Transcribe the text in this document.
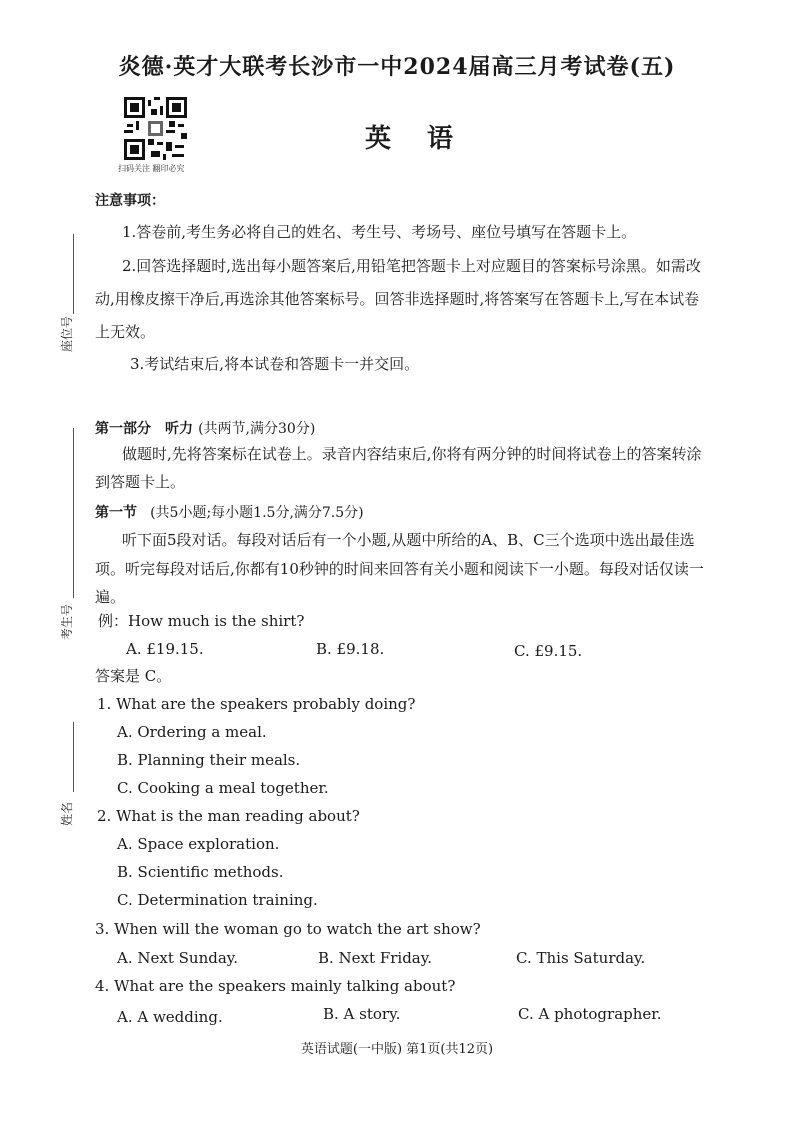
炎德·英才大联考长沙市一中2024届高三月考试卷(五)
扫码关注 翻印必究
英语
座位号
考生号
姓名
注意事项：
1.答卷前,考生务必将自己的姓名、考生号、考场号、座位号填写在答题卡上。
2.回答选择题时,选出每小题答案后,用铅笔把答题卡上对应题目的答案标号涂黑。如需改
动,用橡皮擦干净后,再选涂其他答案标号。回答非选择题时,将答案写在答题卡上,写在本试卷
上无效。
3.考试结束后,将本试卷和答题卡一并交回。
第一部分　听力 (共两节,满分30分)
做题时,先将答案标在试卷上。录音内容结束后,你将有两分钟的时间将试卷上的答案转涂
到答题卡上。
第一节 (共5小题;每小题1.5分,满分7.5分)
听下面5段对话。每段对话后有一个小题,从题中所给的A、B、C三个选项中选出最佳选
项。听完每段对话后,你都有10秒钟的时间来回答有关小题和阅读下一小题。每段对话仅读一
遍。
例：How much is the shirt?
A. £19.15.	B. £9.18.	C. £9.15.
答案是 C。
1. What are the speakers probably doing?
A. Ordering a meal.
B. Planning their meals.
C. Cooking a meal together.
2. What is the man reading about?
A. Space exploration.
B. Scientific methods.
C. Determination training.
3. When will the woman go to watch the art show?
A. Next Sunday.	B. Next Friday.	C. This Saturday.
4. What are the speakers mainly talking about?
A. A wedding.	B. A story.	C. A photographer.
英语试题(一中版) 第1页(共12页)
